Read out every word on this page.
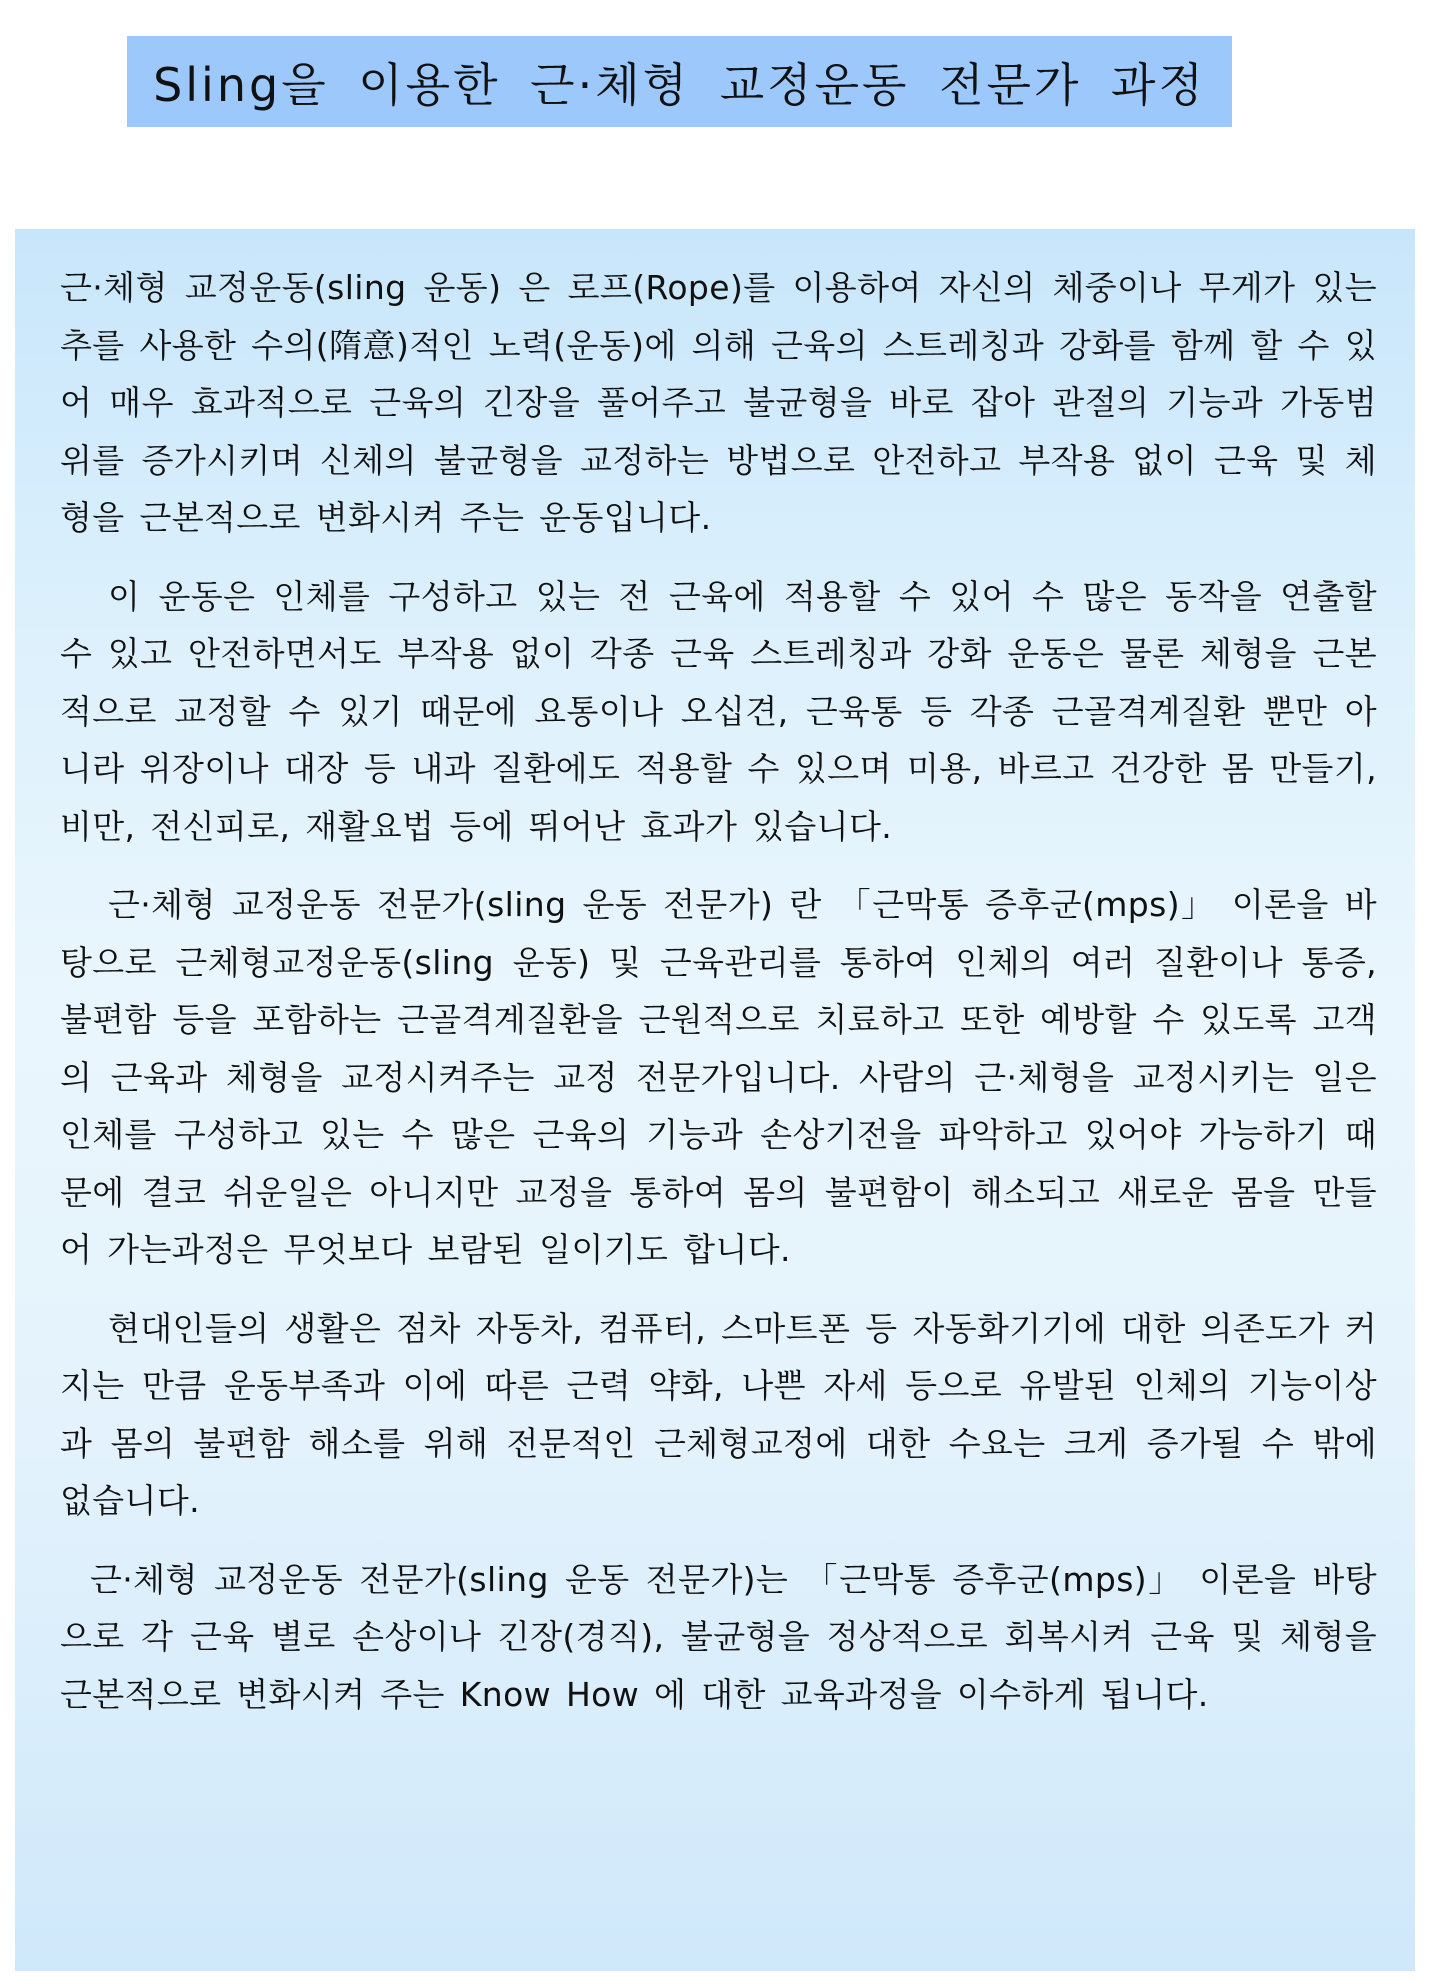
Sling을 이용한 근·체형 교정운동 전문가 과정

근·체형 교정운동(sling 운동) 은 로프(Rope)를 이용하여 자신의 체중이나 무게가 있는 추를 사용한 수의(隋意)적인 노력(운동)에 의해 근육의 스트레칭과 강화를 함께 할 수 있어 매우 효과적으로 근육의 긴장을 풀어주고 불균형을 바로 잡아 관절의 기능과 가동범위를 증가시키며 신체의 불균형을 교정하는 방법으로 안전하고 부작용 없이 근육 및 체형을 근본적으로 변화시켜 주는 운동입니다.

이 운동은 인체를 구성하고 있는 전 근육에 적용할 수 있어 수 많은 동작을 연출할 수 있고 안전하면서도 부작용 없이 각종 근육 스트레칭과 강화 운동은 물론 체형을 근본적으로 교정할 수 있기 때문에 요통이나 오십견, 근육통 등 각종 근골격계질환 뿐만 아니라 위장이나 대장 등 내과 질환에도 적용할 수 있으며 미용, 바르고 건강한 몸 만들기, 비만, 전신피로, 재활요법 등에 뛰어난 효과가 있습니다.

근·체형 교정운동 전문가(sling 운동 전문가) 란 「근막통 증후군(mps)」 이론을 바탕으로 근체형교정운동(sling 운동) 및 근육관리를 통하여 인체의 여러 질환이나 통증, 불편함 등을 포함하는 근골격계질환을 근원적으로 치료하고 또한 예방할 수 있도록 고객의 근육과 체형을 교정시켜주는 교정 전문가입니다. 사람의 근·체형을 교정시키는 일은 인체를 구성하고 있는 수 많은 근육의 기능과 손상기전을 파악하고 있어야 가능하기 때문에 결코 쉬운일은 아니지만 교정을 통하여 몸의 불편함이 해소되고 새로운 몸을 만들어 가는과정은 무엇보다 보람된 일이기도 합니다.

현대인들의 생활은 점차 자동차, 컴퓨터, 스마트폰 등 자동화기기에 대한 의존도가 커지는 만큼 운동부족과 이에 따른 근력 약화, 나쁜 자세 등으로 유발된 인체의 기능이상과 몸의 불편함 해소를 위해 전문적인 근체형교정에 대한 수요는 크게 증가될 수 밖에 없습니다.

근·체형 교정운동 전문가(sling 운동 전문가)는 「근막통 증후군(mps)」 이론을 바탕으로 각 근육 별로 손상이나 긴장(경직), 불균형을 정상적으로 회복시켜 근육 및 체형을 근본적으로 변화시켜 주는 Know How 에 대한 교육과정을 이수하게 됩니다.
